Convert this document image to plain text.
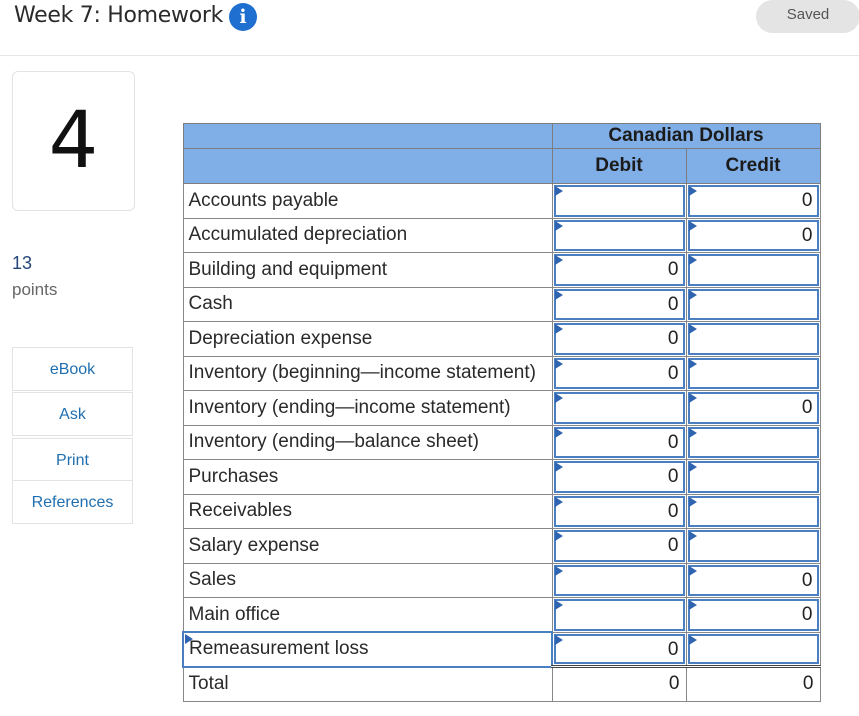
Week 7: Homework i	Saved
4
13
points
eBook
Ask
Print
References
	Canadian Dollars	
	Debit	Credit
Accounts payable		0

Accumulated depreciation		0

Building and equipment	0	

Cash	0	

Depreciation expense	0	

Inventory (beginning—income statement)	0	

Inventory (ending—income statement)		0

Inventory (ending—balance sheet)	0	

Purchases	0	

Receivables	0	

Salary expense	0	

Sales		0

Main office		0

Remeasurement loss	0	

Total	0	0
